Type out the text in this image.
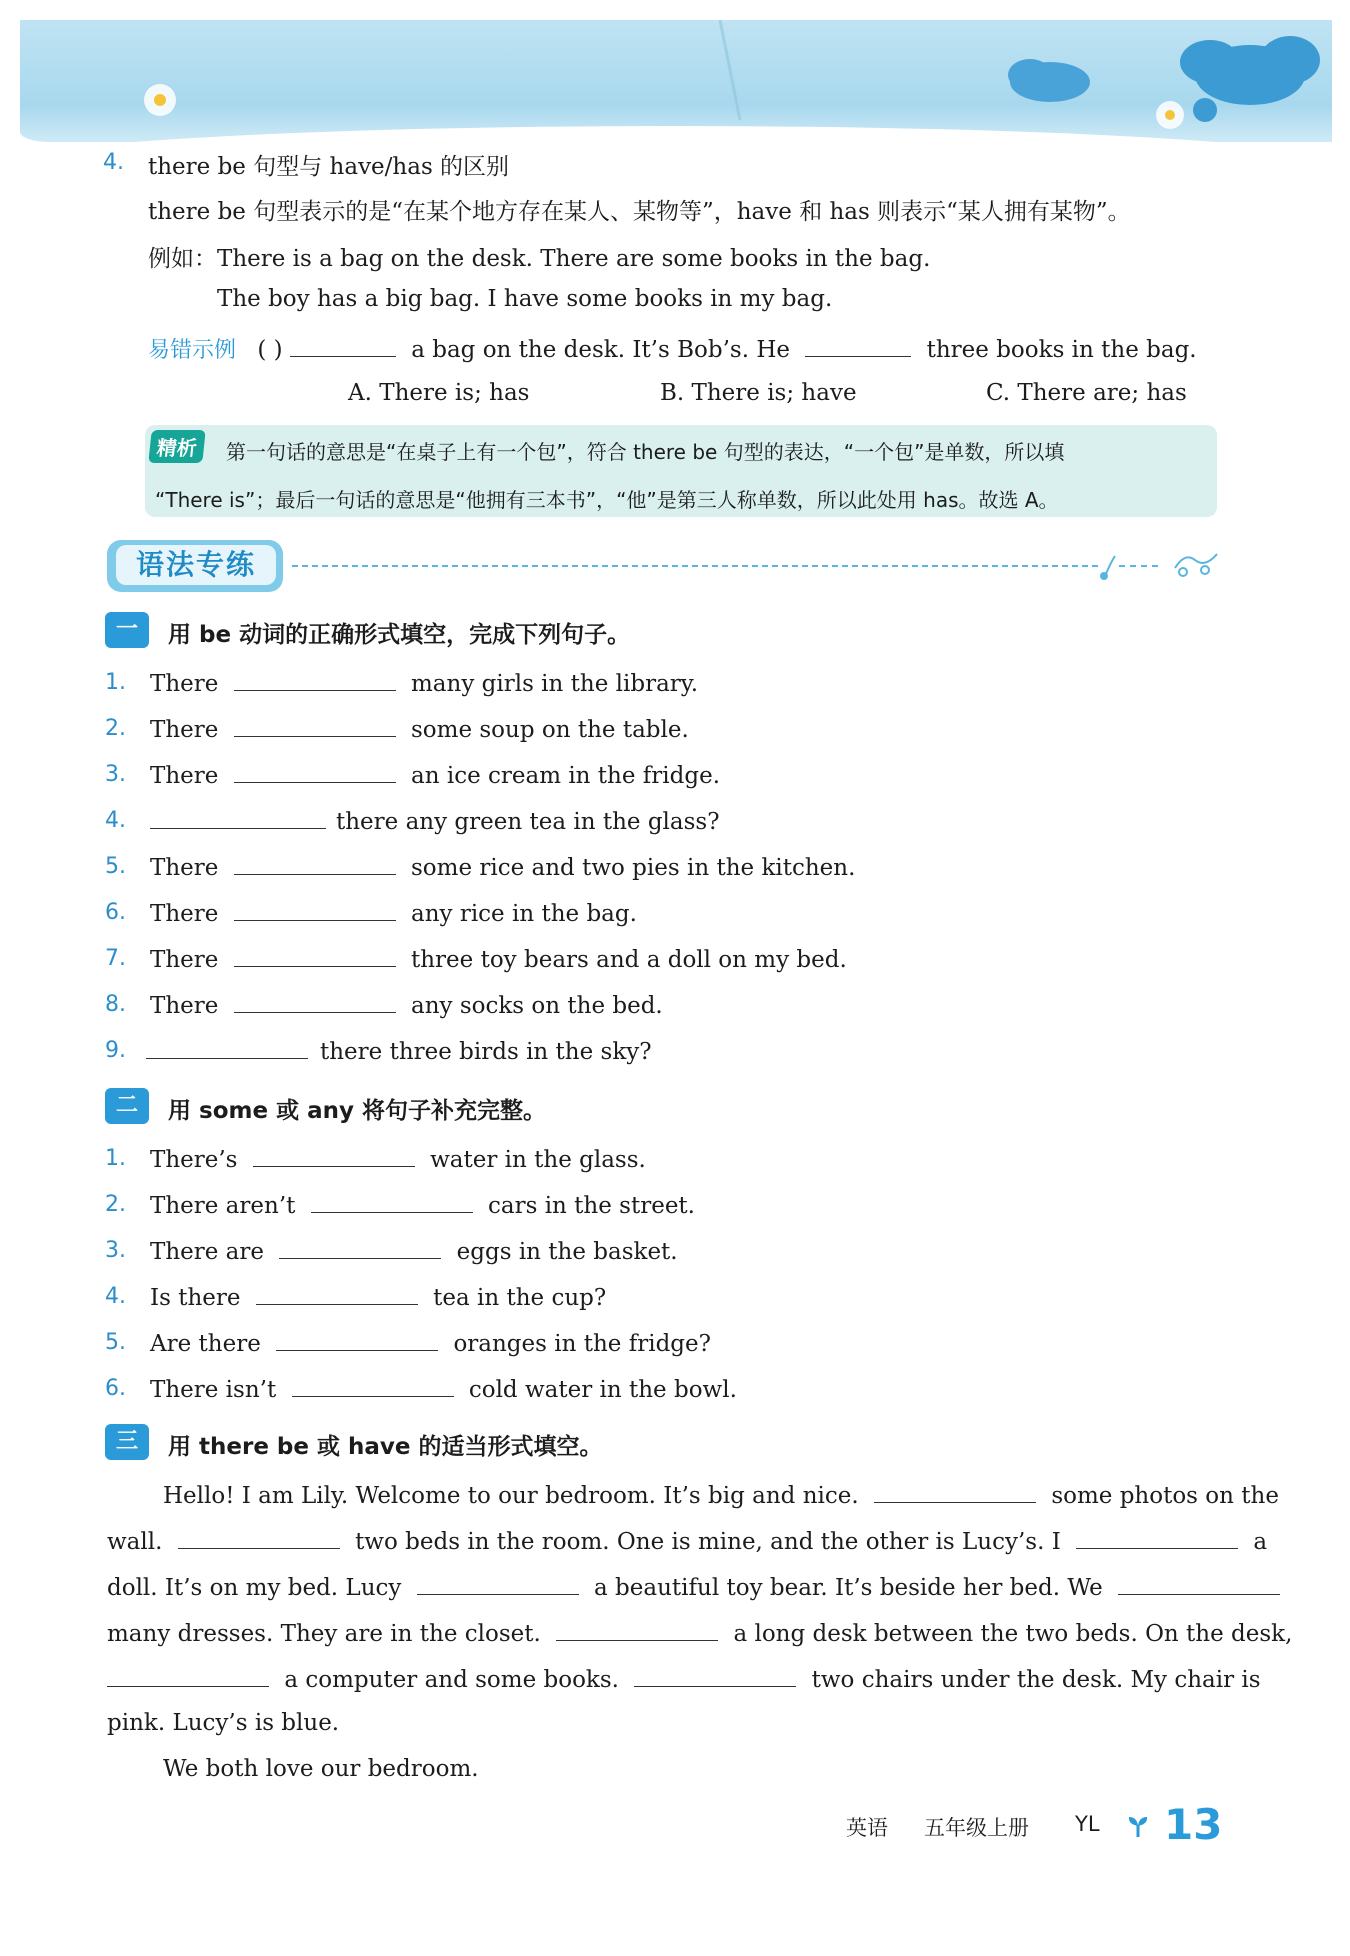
4. there be 句型与 have/has 的区别
there be 句型表示的是“在某个地方存在某人、某物等”，have 和 has 则表示“某人拥有某物”。
例如：There is a bag on the desk. There are some books in the bag.
The boy has a big bag. I have some books in my bag.
易错示例 ( )	a bag on the desk. It’s Bob’s. He	three books in the bag.
A. There is; has	B. There is; have	C. There are; has
精析	第一句话的意思是“在桌子上有一个包”，符合 there be 句型的表达，“一个包”是单数，所以填
“There is”；最后一句话的意思是“他拥有三本书”，“他”是第三人称单数，所以此处用 has。故选 A。
语法专练
一	用 be 动词的正确形式填空，完成下列句子。
1. There	many girls in the library.
2. There	some soup on the table.
3. There	an ice cream in the fridge.
4.	there any green tea in the glass?
5. There	some rice and two pies in the kitchen.
6. There	any rice in the bag.
7. There	three toy bears and a doll on my bed.
8. There	any socks on the bed.
9.	there three birds in the sky?
二	用 some 或 any 将句子补充完整。
1. There’s	water in the glass.
2. There aren’t	cars in the street.
3. There are	eggs in the basket.
4. Is there	tea in the cup?
5. Are there	oranges in the fridge?
6. There isn’t	cold water in the bowl.
三	用 there be 或 have 的适当形式填空。
Hello! I am Lily. Welcome to our bedroom. It’s big and nice.	some photos on the
wall.	two beds in the room. One is mine, and the other is Lucy’s. I	a
doll. It’s on my bed. Lucy	a beautiful toy bear. It’s beside her bed. We
many dresses. They are in the closet.	a long desk between the two beds. On the desk,
a computer and some books.	two chairs under the desk. My chair is
pink. Lucy’s is blue.
We both love our bedroom.
英语 五年级上册 YL 13
